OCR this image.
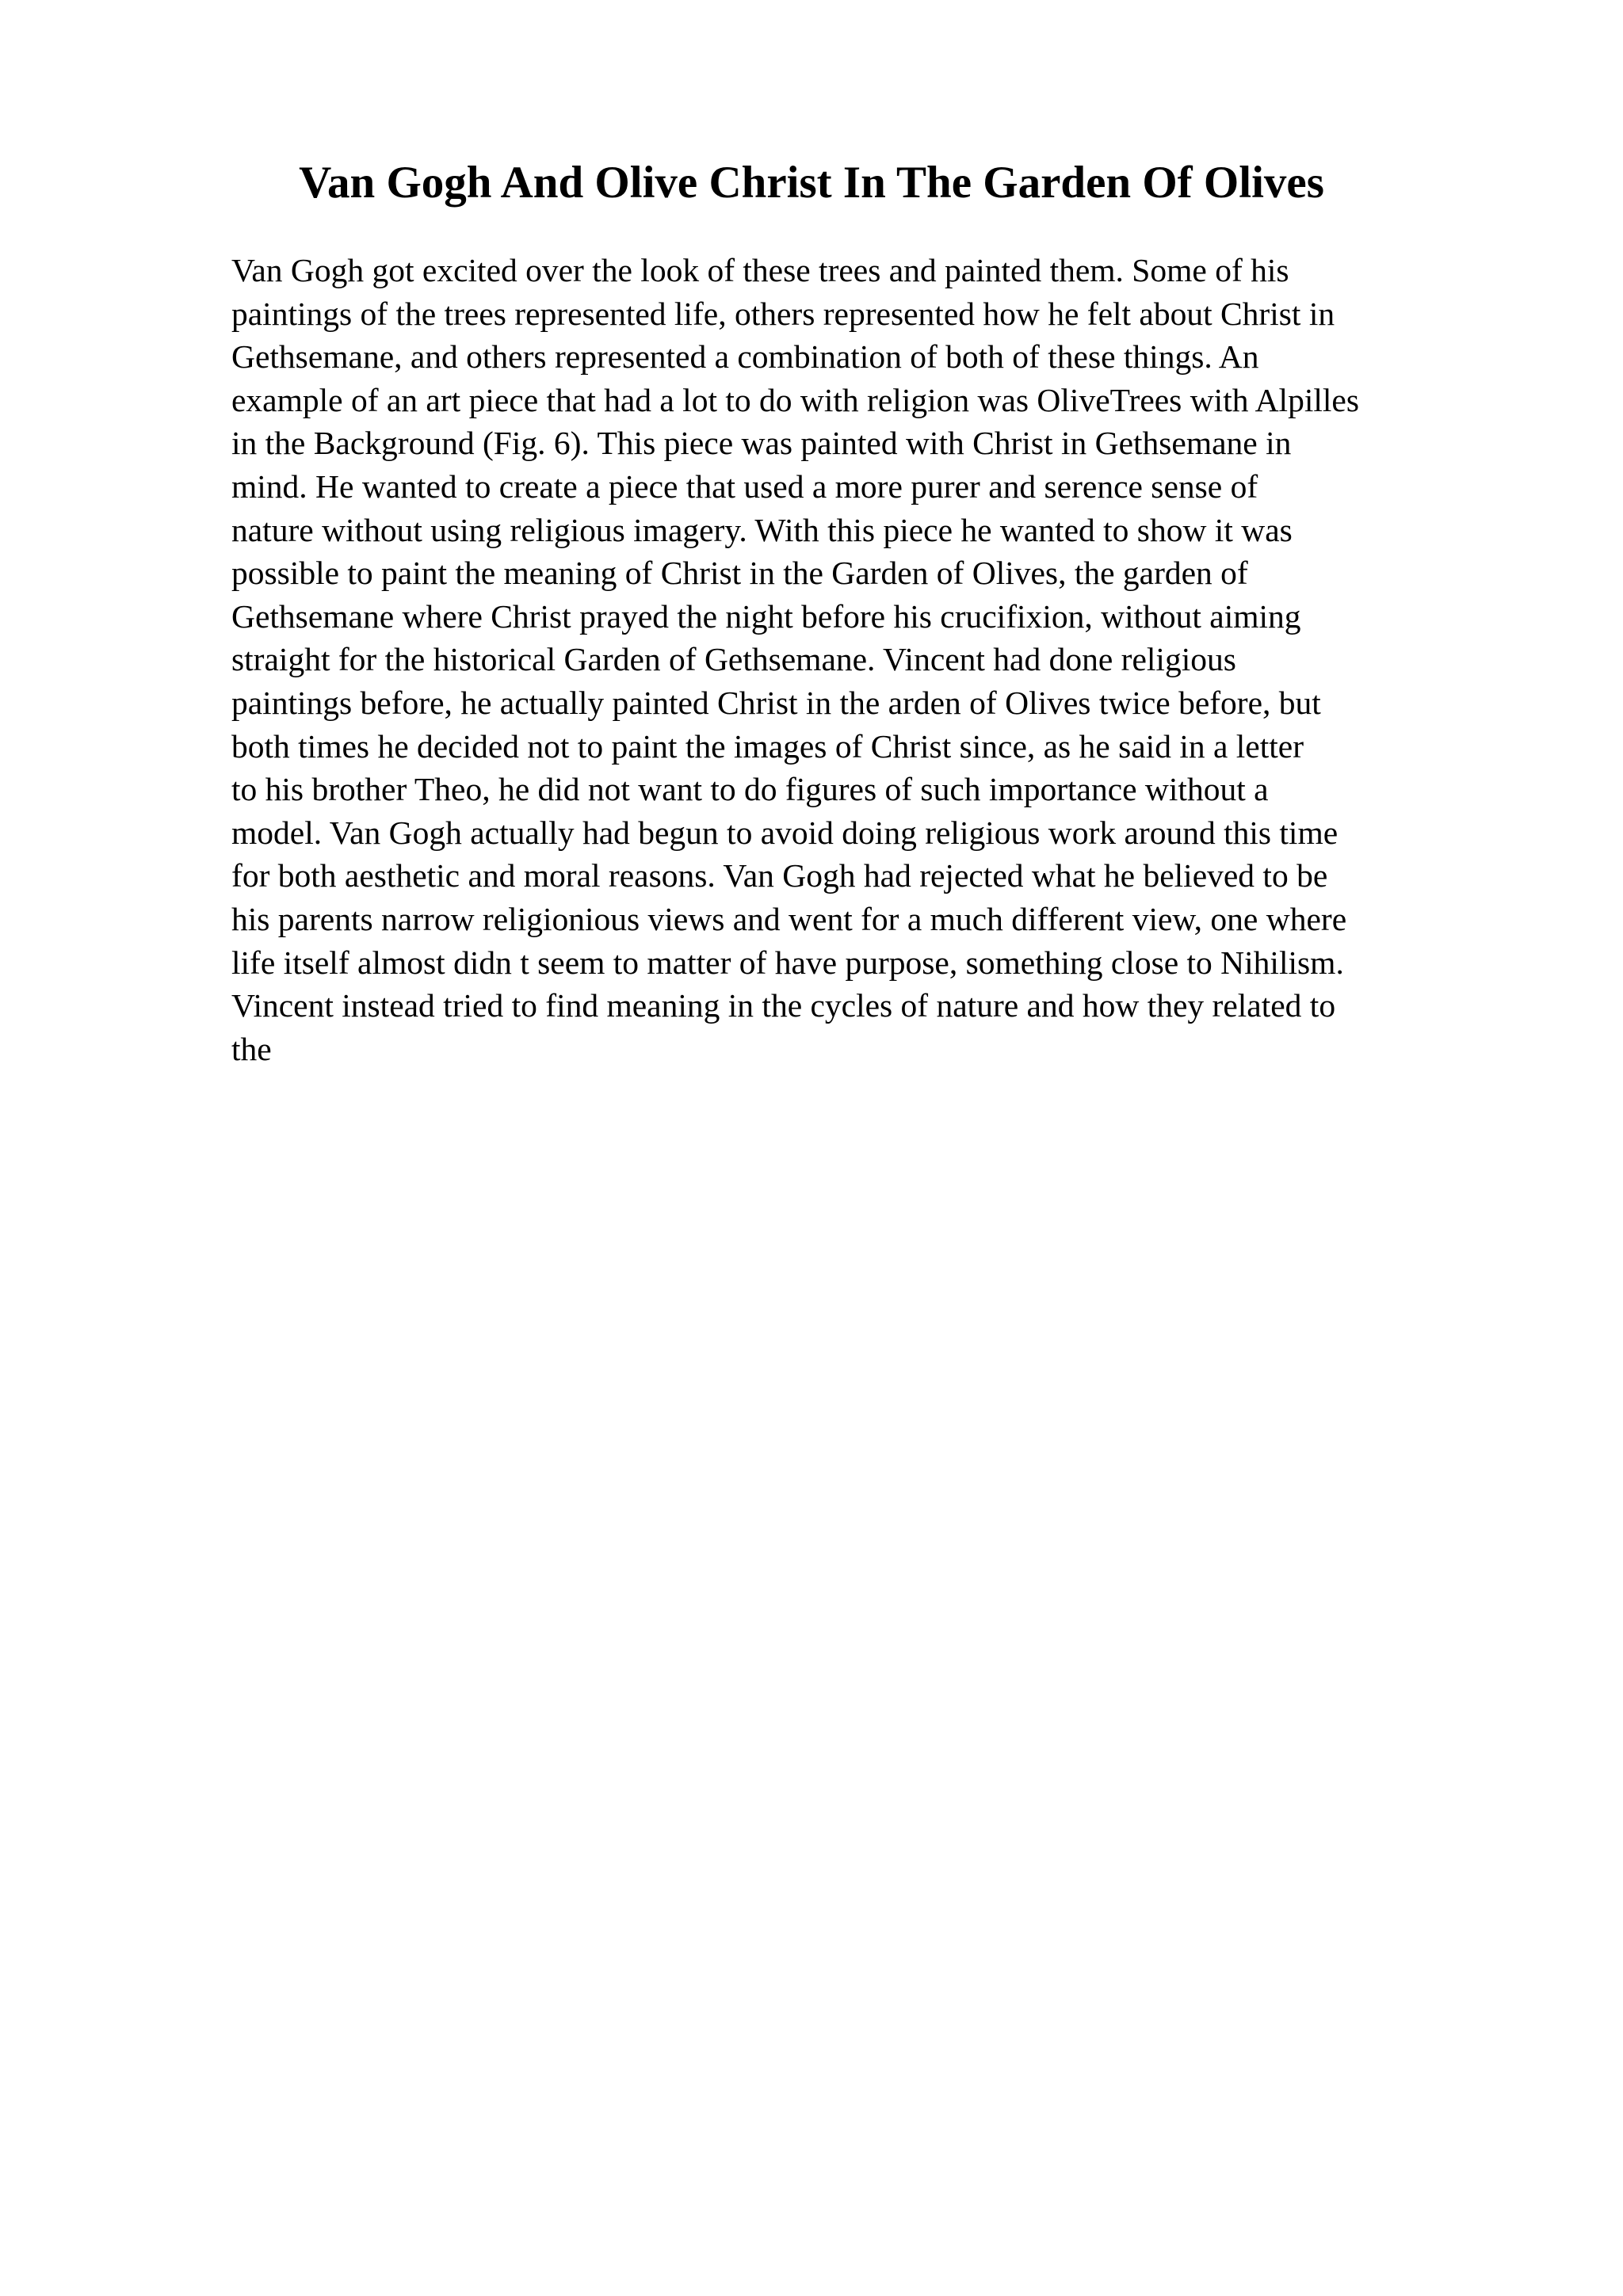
Van Gogh And Olive Christ In The Garden Of Olives
Van Gogh got excited over the look of these trees and painted them. Some of his
paintings of the trees represented life, others represented how he felt about Christ in
Gethsemane, and others represented a combination of both of these things. An
example of an art piece that had a lot to do with religion was OliveTrees with Alpilles
in the Background (Fig. 6). This piece was painted with Christ in Gethsemane in
mind. He wanted to create a piece that used a more purer and serence sense of
nature without using religious imagery. With this piece he wanted to show it was
possible to paint the meaning of Christ in the Garden of Olives, the garden of
Gethsemane where Christ prayed the night before his crucifixion, without aiming
straight for the historical Garden of Gethsemane. Vincent had done religious
paintings before, he actually painted Christ in the arden of Olives twice before, but
both times he decided not to paint the images of Christ since, as he said in a letter
to his brother Theo, he did not want to do figures of such importance without a
model. Van Gogh actually had begun to avoid doing religious work around this time
for both aesthetic and moral reasons. Van Gogh had rejected what he believed to be
his parents narrow religionious views and went for a much different view, one where
life itself almost didn t seem to matter of have purpose, something close to Nihilism.
Vincent instead tried to find meaning in the cycles of nature and how they related to
the
